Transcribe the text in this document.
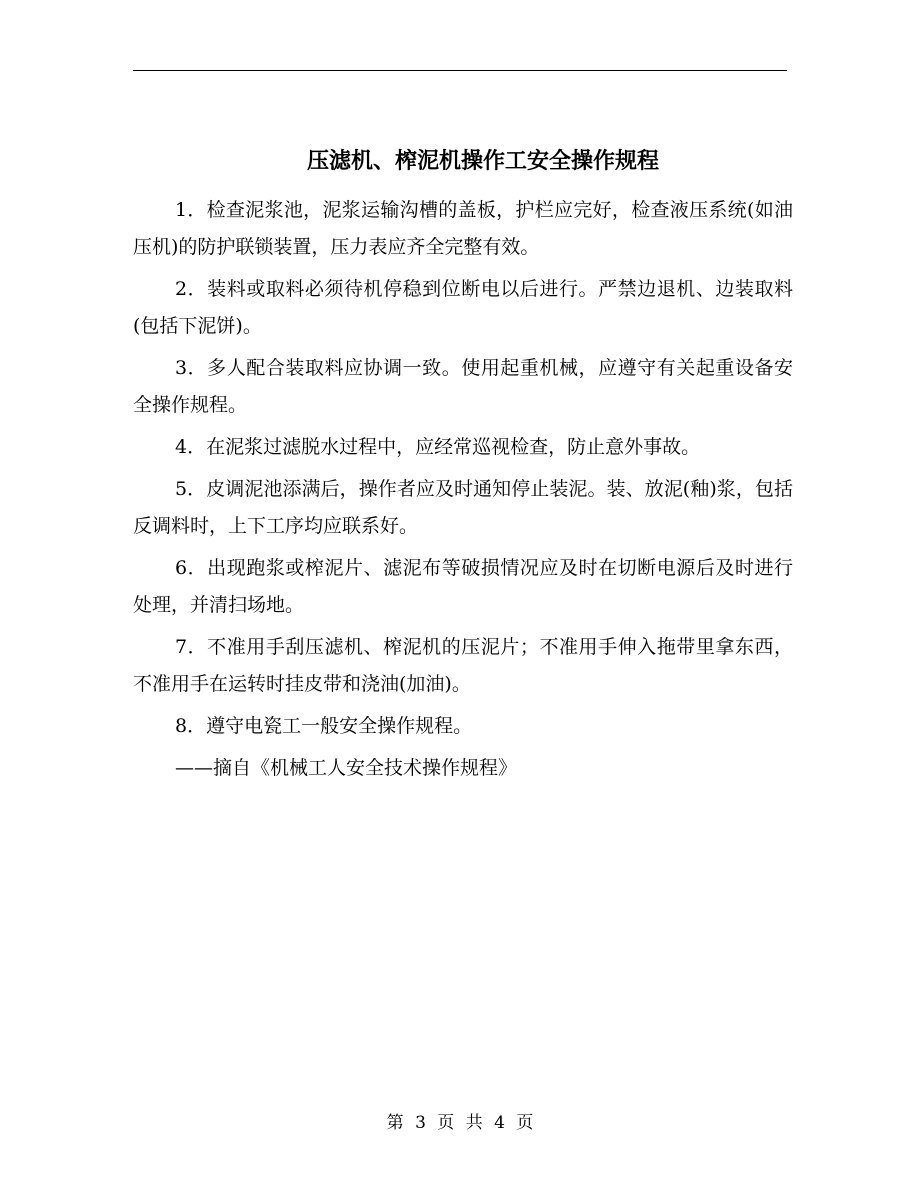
压滤机、榨泥机操作工安全操作规程

1．检查泥浆池，泥浆运输沟槽的盖板，护栏应完好，检查液压系统(如油压机)的防护联锁装置，压力表应齐全完整有效。

2．装料或取料必须待机停稳到位断电以后进行。严禁边退机、边装取料(包括下泥饼)。

3．多人配合装取料应协调一致。使用起重机械，应遵守有关起重设备安全操作规程。

4．在泥浆过滤脱水过程中，应经常巡视检查，防止意外事故。

5．皮调泥池添满后，操作者应及时通知停止装泥。装、放泥(釉)浆，包括反调料时，上下工序均应联系好。

6．出现跑浆或榨泥片、滤泥布等破损情况应及时在切断电源后及时进行处理，并清扫场地。

7．不准用手刮压滤机、榨泥机的压泥片；不准用手伸入拖带里拿东西，不准用手在运转时挂皮带和浇油(加油)。

8．遵守电瓷工一般安全操作规程。

——摘自《机械工人安全技术操作规程》

第 3 页 共 4 页
